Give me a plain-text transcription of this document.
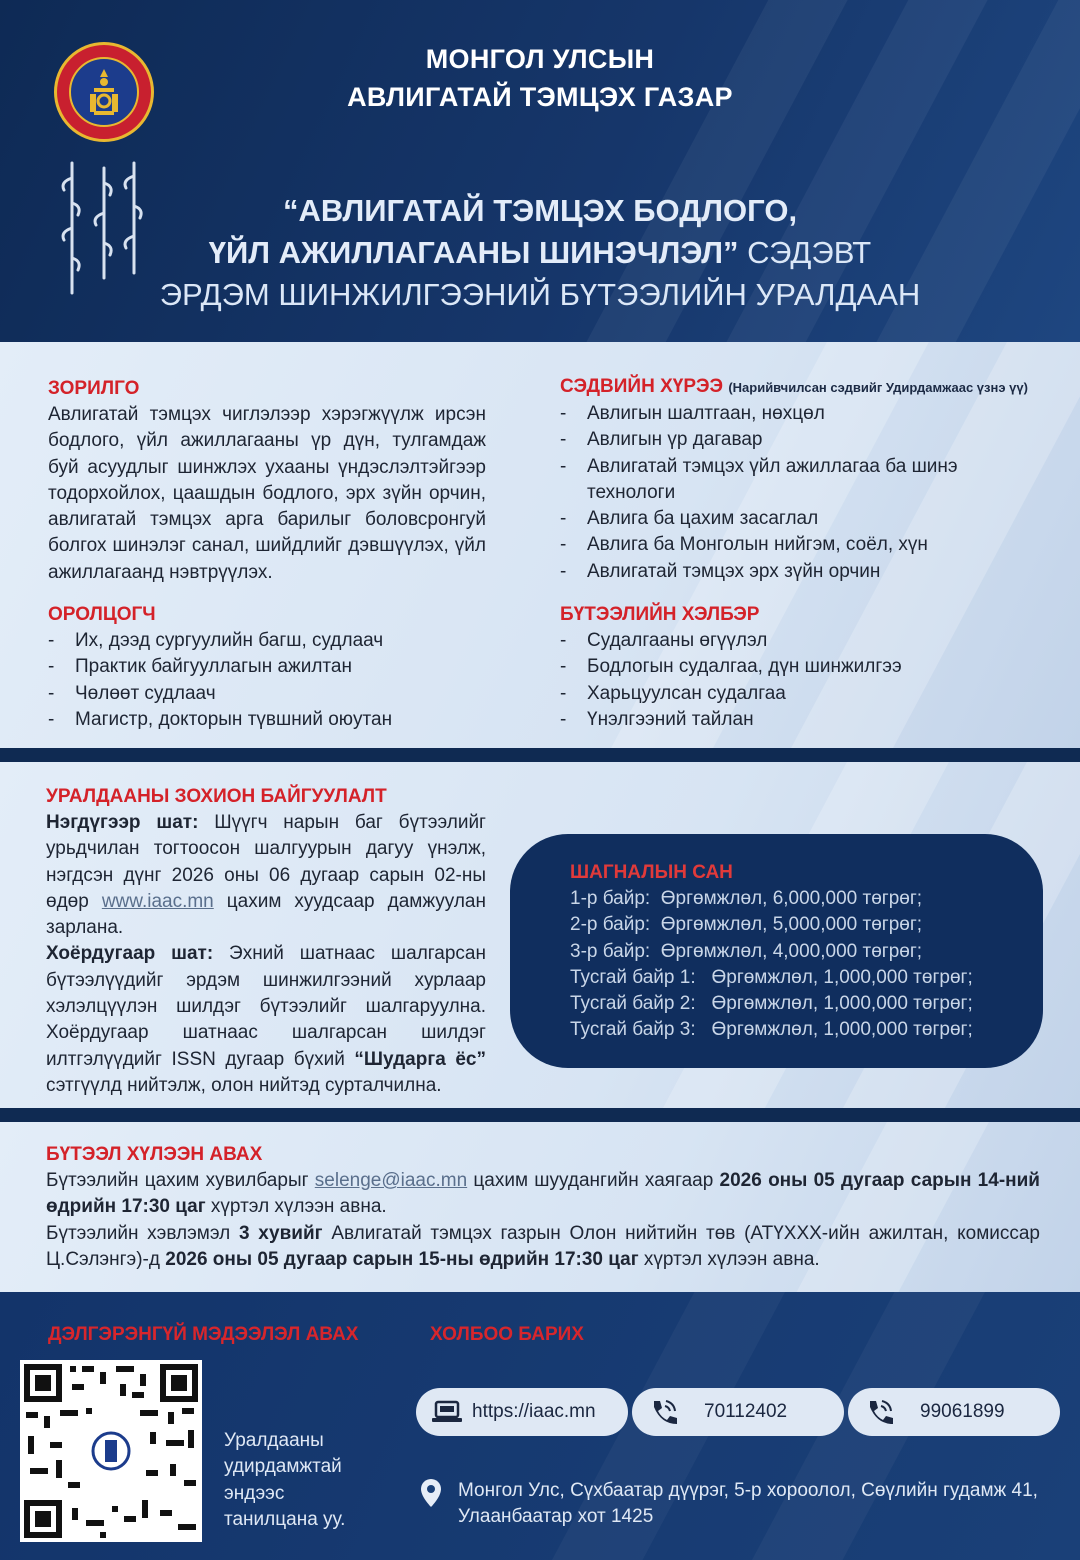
МОНГОЛ УЛСЫН
АВЛИГАТАЙ ТЭМЦЭХ ГАЗАР
“АВЛИГАТАЙ ТЭМЦЭХ БОДЛОГО,
ҮЙЛ АЖИЛЛАГААНЫ ШИНЭЧЛЭЛ” СЭДЭВТ
ЭРДЭМ ШИНЖИЛГЭЭНИЙ БҮТЭЭЛИЙН УРАЛДААН
ЗОРИЛГО
Авлигатай тэмцэх чиглэлээр хэрэгжүүлж ирсэн бодлого, үйл ажиллагааны үр дүн, тулгамдаж буй асуудлыг шинжлэх ухааны үндэслэлтэйгээр тодорхойлох, цаашдын бодлого, эрх зүйн орчин, авлигатай тэмцэх арга барилыг боловсронгуй болгох шинэлэг санал, шийдлийг дэвшүүлэх, үйл ажиллагаанд нэвтрүүлэх.
ОРОЛЦОГЧ
- Их, дээд сургуулийн багш, судлаач
- Практик байгууллагын ажилтан
- Чөлөөт судлаач
- Магистр, докторын түвшний оюутан
СЭДВИЙН ХҮРЭЭ (Нарийвчилсан сэдвийг Удирдамжаас үзнэ үү)
- Авлигын шалтгаан, нөхцөл
- Авлигын үр дагавар
- Авлигатай тэмцэх үйл ажиллагаа ба шинэ технологи
- Авлига ба цахим засаглал
- Авлига ба Монголын нийгэм, соёл, хүн
- Авлигатай тэмцэх эрх зүйн орчин
БҮТЭЭЛИЙН ХЭЛБЭР
- Судалгааны өгүүлэл
- Бодлогын судалгаа, дүн шинжилгээ
- Харьцуулсан судалгаа
- Үнэлгээний тайлан
УРАЛДААНЫ ЗОХИОН БАЙГУУЛАЛТ
Нэгдүгээр шат: Шүүгч нарын баг бүтээлийг урьдчилан тогтоосон шалгуурын дагуу үнэлж, нэгдсэн дүнг 2026 оны 06 дугаар сарын 02-ны өдөр www.iaac.mn цахим хуудсаар дамжуулан зарлана.
Хоёрдугаар шат: Эхний шатнаас шалгарсан бүтээлүүдийг эрдэм шинжилгээний хурлаар хэлэлцүүлэн шилдэг бүтээлийг шалгаруулна. Хоёрдугаар шатнаас шалгарсан шилдэг илтгэлүүдийг ISSN дугаар бүхий “Шударга ёс” сэтгүүлд нийтэлж, олон нийтэд сурталчилна.
ШАГНАЛЫН САН
1-р байр: Өргөмжлөл, 6,000,000 төгрөг;
2-р байр: Өргөмжлөл, 5,000,000 төгрөг;
3-р байр: Өргөмжлөл, 4,000,000 төгрөг;
Тусгай байр 1: Өргөмжлөл, 1,000,000 төгрөг;
Тусгай байр 2: Өргөмжлөл, 1,000,000 төгрөг;
Тусгай байр 3: Өргөмжлөл, 1,000,000 төгрөг;
БҮТЭЭЛ ХҮЛЭЭН АВАХ
Бүтээлийн цахим хувилбарыг selenge@iaac.mn цахим шуудангийн хаягаар 2026 оны 05 дугаар сарын 14-ний өдрийн 17:30 цаг хүртэл хүлээн авна.
Бүтээлийн хэвлэмэл 3 хувийг Авлигатай тэмцэх газрын Олон нийтийн төв (АТҮХХХ-ийн ажилтан, комиссар Ц.Сэлэнгэ)-д 2026 оны 05 дугаар сарын 15-ны өдрийн 17:30 цаг хүртэл хүлээн авна.
ДЭЛГЭРЭНГҮЙ МЭДЭЭЛЭЛ АВАХ	ХОЛБОО БАРИХ
Уралдааны удирдамжтай эндээс танилцана уу.
https://iaac.mn	70112402	99061899
Монгол Улс, Сүхбаатар дүүрэг, 5-р хороолол, Сөүлийн гудамж 41, Улаанбаатар хот 1425
